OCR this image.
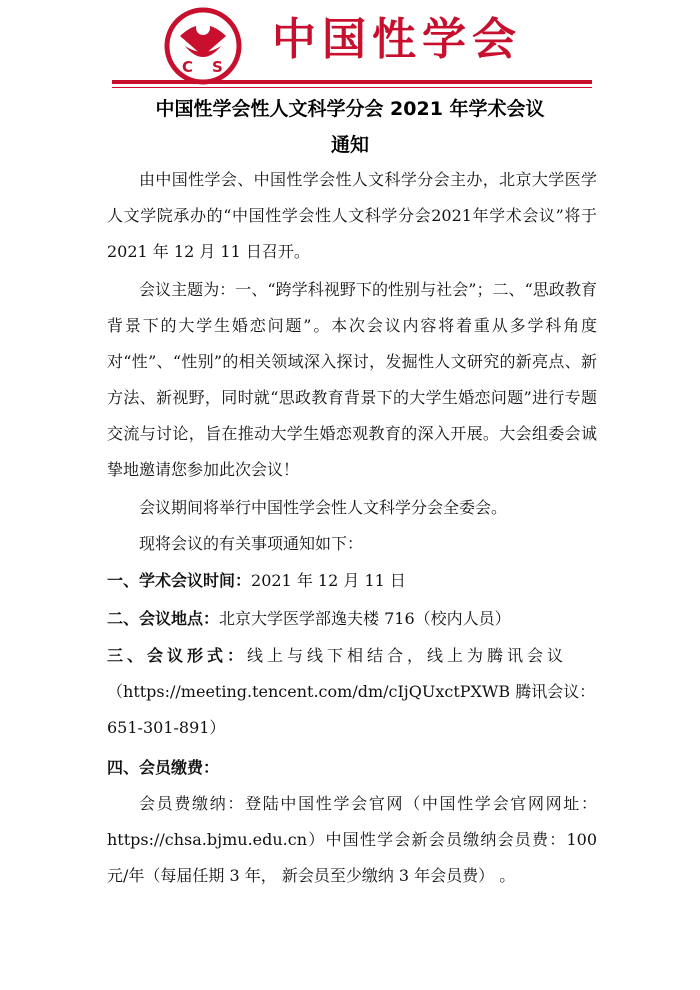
C S
中国性学会
中国性学会性人文科学分会 2021 年学术会议
通知

由中国性学会、中国性学会性人文科学分会主办，北京大学医学人文学院承办的“中国性学会性人文科学分会2021年学术会议”将于 2021 年 12 月 11 日召开。

会议主题为：一、“跨学科视野下的性别与社会”；二、“思政教育背景下的大学生婚恋问题”。本次会议内容将着重从多学科角度对“性”、“性别”的相关领域深入探讨，发掘性人文研究的新亮点、新方法、新视野，同时就“思政教育背景下的大学生婚恋问题”进行专题交流与讨论，旨在推动大学生婚恋观教育的深入开展。大会组委会诚挚地邀请您参加此次会议！

会议期间将举行中国性学会性人文科学分会全委会。

现将会议的有关事项通知如下：

一、学术会议时间：2021 年 12 月 11 日

二、会议地点：北京大学医学部逸夫楼 716（校内人员）

三、会议形式：线上与线下相结合，线上为腾讯会议
（https://meeting.tencent.com/dm/cIjQUxctPXWB 腾讯会议：
651-301-891）

四、会员缴费：

会员费缴纳：登陆中国性学会官网（中国性学会官网网址：https://chsa.bjmu.edu.cn）中国性学会新会员缴纳会员费：100 元/年（每届任期 3 年， 新会员至少缴纳 3 年会员费） 。
